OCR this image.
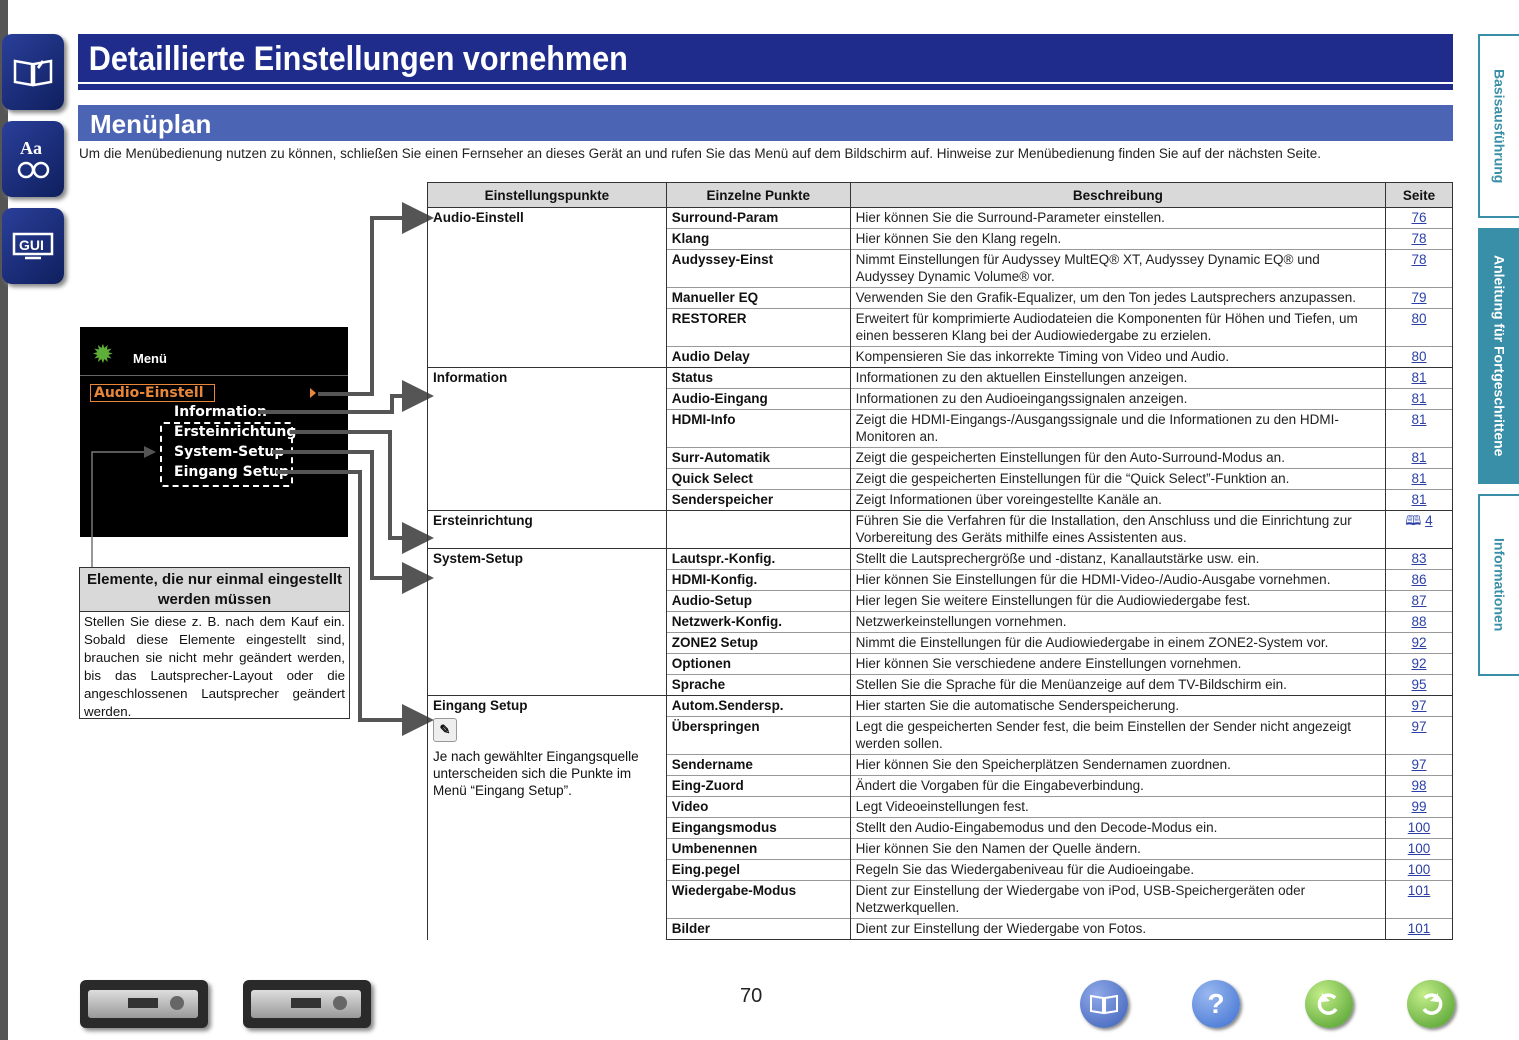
Aa
GUI
Detaillierte Einstellungen vornehmen
Menüplan
Um die Menübedienung nutzen zu können, schließen Sie einen Fernseher an dieses Gerät an und rufen Sie das Menü auf dem Bildschirm auf. Hinweise zur Menübedienung finden Sie auf der nächsten Seite.	Basisausführung
Anleitung für Fortgeschrittene
Informationen
✹ Menü
Audio-Einstell
Information
Ersteinrichtung
System-Setup
Eingang Setup
Elemente, die nur einmal eingestellt werden müssen
Stellen Sie diese z. B. nach dem Kauf ein. Sobald diese Elemente eingestellt sind, brauchen sie nicht mehr geändert werden, bis das Lautsprecher-Layout oder die angeschlossenen Lautsprecher geändert werden.
Einstellungspunkte	Einzelne Punkte	Beschreibung	Seite

Audio-Einstell	Surround-Param	Hier können Sie die Surround-Parameter einstellen.	76
	Klang	Hier können Sie den Klang regeln.	78
	Audyssey-Einst	Nimmt Einstellungen für Audyssey MultEQ® XT, Audyssey Dynamic EQ® und Audyssey Dynamic Volume® vor.	78
	Manueller EQ	Verwenden Sie den Grafik-Equalizer, um den Ton jedes Lautsprechers anzupassen.	79
	RESTORER	Erweitert für komprimierte Audiodateien die Komponenten für Höhen und Tiefen, um einen besseren Klang bei der Audiowiedergabe zu erzielen.	80
	Audio Delay	Kompensieren Sie das inkorrekte Timing von Video und Audio.	80

Information	Status	Informationen zu den aktuellen Einstellungen anzeigen.	81
	Audio-Eingang	Informationen zu den Audioeingangssignalen anzeigen.	81
	HDMI-Info	Zeigt die HDMI-Eingangs-/Ausgangssignale und die Informationen zu den HDMI-Monitoren an.	81
	Surr-Automatik	Zeigt die gespeicherten Einstellungen für den Auto-Surround-Modus an.	81
	Quick Select	Zeigt die gespeicherten Einstellungen für die “Quick Select”-Funktion an.	81
	Senderspeicher	Zeigt Informationen über voreingestellte Kanäle an.	81

Ersteinrichtung		Führen Sie die Verfahren für die Installation, den Anschluss und die Einrichtung zur Vorbereitung des Geräts mithilfe eines Assistenten aus.	🕮 4

System-Setup	Lautspr.-Konfig.	Stellt die Lautsprechergröße und -distanz, Kanallautstärke usw. ein.	83
	HDMI-Konfig.	Hier können Sie Einstellungen für die HDMI-Video-/Audio-Ausgabe vornehmen.	86
	Audio-Setup	Hier legen Sie weitere Einstellungen für die Audiowiedergabe fest.	87
	Netzwerk-Konfig.	Netzwerkeinstellungen vornehmen.	88
	ZONE2 Setup	Nimmt die Einstellungen für die Audiowiedergabe in einem ZONE2-System vor.	92
	Optionen	Hier können Sie verschiedene andere Einstellungen vornehmen.	92
	Sprache	Stellen Sie die Sprache für die Menüanzeige auf dem TV-Bildschirm ein.	95

Eingang Setup
✎
Je nach gewählter Eingangsquelle unterscheiden sich die Punkte im Menü “Eingang Setup”.	Autom.Sendersp.	Hier starten Sie die automatische Senderspeicherung.	97
	Überspringen	Legt die gespeicherten Sender fest, die beim Einstellen der Sender nicht angezeigt werden sollen.	97
	Sendername	Hier können Sie den Speicherplätzen Sendernamen zuordnen.	97
	Eing-Zuord	Ändert die Vorgaben für die Eingabeverbindung.	98
	Video	Legt Videoeinstellungen fest.	99
	Eingangsmodus	Stellt den Audio-Eingabemodus und den Decode-Modus ein.	100
	Umbenennen	Hier können Sie den Namen der Quelle ändern.	100
	Eing.pegel	Regeln Sie das Wiedergabeniveau für die Audioeingabe.	100
	Wiedergabe-Modus	Dient zur Einstellung der Wiedergabe von iPod, USB-Speichergeräten oder Netzwerkquellen.	101
	Bilder	Dient zur Einstellung der Wiedergabe von Fotos.	101
70	?
